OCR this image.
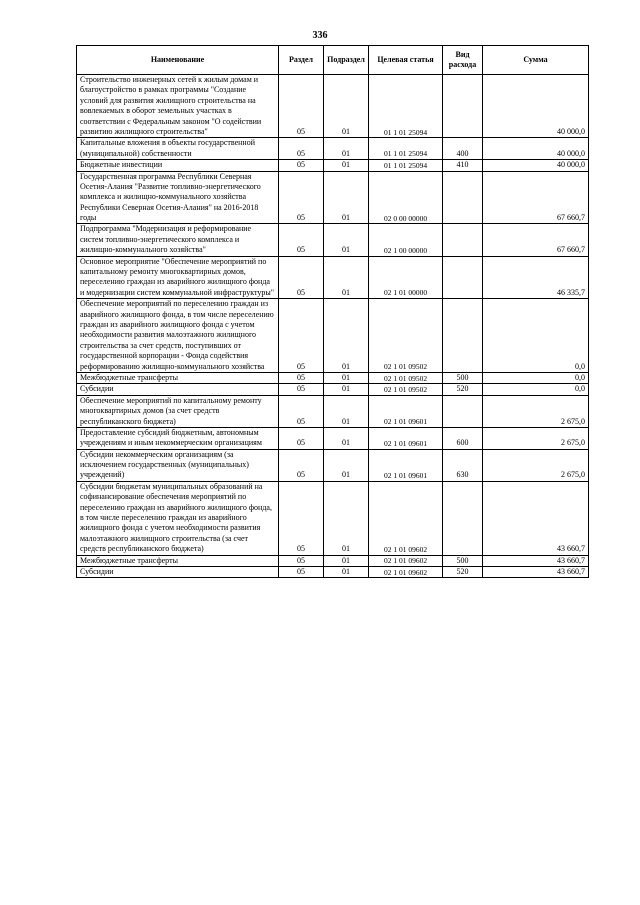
336
Наименование	Раздел	Подраздел	Целевая статья	Вид расхода	Сумма
Строительство инженерных сетей к жилым домам и благоустройство в рамках программы "Создание условий для развития жилищного строительства на вовлекаемых в оборот земельных участках в соответствии с Федеральным законом "О содействии развитию жилищного строительства"	05	01	01 1 01 25094		40 000,0
Капитальные вложения в объекты государственной (муниципальной) собственности	05	01	01 1 01 25094	400	40 000,0
Бюджетные инвестиции	05	01	01 1 01 25094	410	40 000,0
Государственная программа Республики Северная Осетия-Алания "Развитие топливно-энергетического комплекса и жилищно-коммунального хозяйства Республики Северная Осетия-Алания" на 2016-2018 годы	05	01	02 0 00 00000		67 660,7
Подпрограмма "Модернизация и реформирование систем топливно-энергетического комплекса и жилищно-коммунального хозяйства"	05	01	02 1 00 00000		67 660,7
Основное мероприятие "Обеспечение мероприятий по капитальному ремонту многоквартирных домов, переселению граждан из аварийного жилищного фонда и модернизации систем коммунальной инфраструктуры"	05	01	02 1 01 00000		46 335,7
Обеспечение мероприятий по переселению граждан из аварийного жилищного фонда, в том числе переселению граждан из аварийного жилищного фонда с учетом необходимости развития малоэтажного жилищного строительства за счет средств, поступивших от государственной корпорации - Фонда содействия реформированию жилищно-коммунального хозяйства	05	01	02 1 01 09502		0,0
Межбюджетные трансферты	05	01	02 1 01 09502	500	0,0
Субсидии	05	01	02 1 01 09502	520	0,0
Обеспечение мероприятий по капитальному ремонту многоквартирных домов (за счет средств республиканского бюджета)	05	01	02 1 01 09601		2 675,0
Предоставление субсидий бюджетным, автономным учреждениям и иным некоммерческим организациям	05	01	02 1 01 09601	600	2 675,0
Субсидии некоммерческим организациям (за исключением государственных (муниципальных) учреждений)	05	01	02 1 01 09601	630	2 675,0
Субсидии бюджетам муниципальных образований на софинансирование обеспечения мероприятий по переселению граждан из аварийного жилищного фонда, в том числе переселению граждан из аварийного жилищного фонда с учетом необходимости развития малоэтажного жилищного строительства (за счет средств республиканского бюджета)	05	01	02 1 01 09602		43 660,7
Межбюджетные трансферты	05	01	02 1 01 09602	500	43 660,7
Субсидии	05	01	02 1 01 09602	520	43 660,7
